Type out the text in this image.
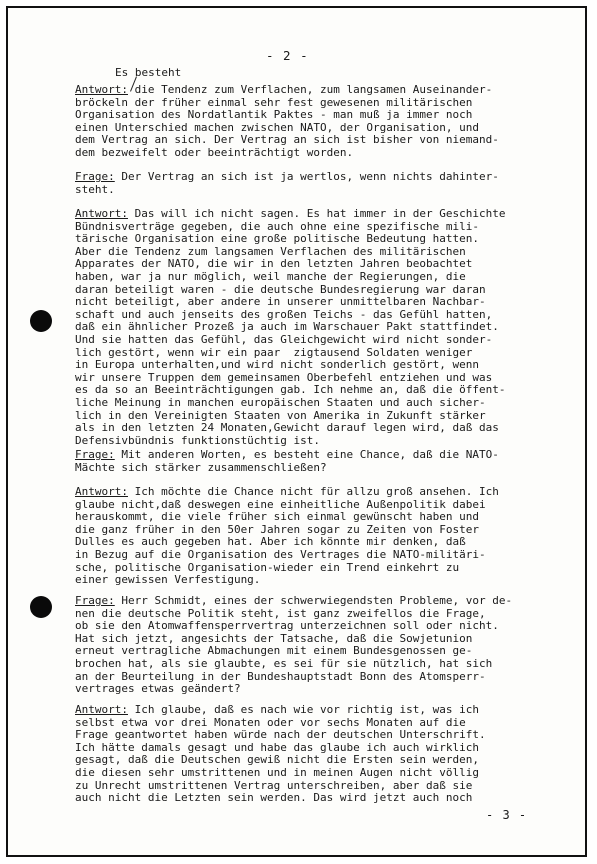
- 2 -
Es besteht
Antwort: die Tendenz zum Verflachen, zum langsamen Auseinander-
bröckeln der früher einmal sehr fest gewesenen militärischen
Organisation des Nordatlantik Paktes - man muß ja immer noch
einen Unterschied machen zwischen NATO, der Organisation, und
dem Vertrag an sich. Der Vertrag an sich ist bisher von niemand-
dem bezweifelt oder beeinträchtigt worden.
Frage: Der Vertrag an sich ist ja wertlos, wenn nichts dahinter-
steht.
Antwort: Das will ich nicht sagen. Es hat immer in der Geschichte
Bündnisverträge gegeben, die auch ohne eine spezifische mili-
tärische Organisation eine große politische Bedeutung hatten.
Aber die Tendenz zum langsamen Verflachen des militärischen
Apparates der NATO, die wir in den letzten Jahren beobachtet
haben, war ja nur möglich, weil manche der Regierungen, die
daran beteiligt waren - die deutsche Bundesregierung war daran
nicht beteiligt, aber andere in unserer unmittelbaren Nachbar-
schaft und auch jenseits des großen Teichs - das Gefühl hatten,
daß ein ähnlicher Prozeß ja auch im Warschauer Pakt stattfindet.
Und sie hatten das Gefühl, das Gleichgewicht wird nicht sonder-
lich gestört, wenn wir ein paar  zigtausend Soldaten weniger
in Europa unterhalten,und wird nicht sonderlich gestört, wenn
wir unsere Truppen dem gemeinsamen Oberbefehl entziehen und was
es da so an Beeinträchtigungen gab. Ich nehme an, daß die öffent-
liche Meinung in manchen europäischen Staaten und auch sicher-
lich in den Vereinigten Staaten von Amerika in Zukunft stärker
als in den letzten 24 Monaten,Gewicht darauf legen wird, daß das
Defensivbündnis funktionstüchtig ist.
Frage: Mit anderen Worten, es besteht eine Chance, daß die NATO-
Mächte sich stärker zusammenschließen?
Antwort: Ich möchte die Chance nicht für allzu groß ansehen. Ich
glaube nicht,daß deswegen eine einheitliche Außenpolitik dabei
herauskommt, die viele früher sich einmal gewünscht haben und
die ganz früher in den 50er Jahren sogar zu Zeiten von Foster
Dulles es auch gegeben hat. Aber ich könnte mir denken, daß
in Bezug auf die Organisation des Vertrages die NATO-militäri-
sche, politische Organisation-wieder ein Trend einkehrt zu
einer gewissen Verfestigung.
Frage: Herr Schmidt, eines der schwerwiegendsten Probleme, vor de-
nen die deutsche Politik steht, ist ganz zweifellos die Frage,
ob sie den Atomwaffensperrvertrag unterzeichnen soll oder nicht.
Hat sich jetzt, angesichts der Tatsache, daß die Sowjetunion
erneut vertragliche Abmachungen mit einem Bundesgenossen ge-
brochen hat, als sie glaubte, es sei für sie nützlich, hat sich
an der Beurteilung in der Bundeshauptstadt Bonn des Atomsperr-
vertrages etwas geändert?
Antwort: Ich glaube, daß es nach wie vor richtig ist, was ich
selbst etwa vor drei Monaten oder vor sechs Monaten auf die
Frage geantwortet haben würde nach der deutschen Unterschrift.
Ich hätte damals gesagt und habe das glaube ich auch wirklich
gesagt, daß die Deutschen gewiß nicht die Ersten sein werden,
die diesen sehr umstrittenen und in meinen Augen nicht völlig
zu Unrecht umstrittenen Vertrag unterschreiben, aber daß sie
auch nicht die Letzten sein werden. Das wird jetzt auch noch
- 3 -
